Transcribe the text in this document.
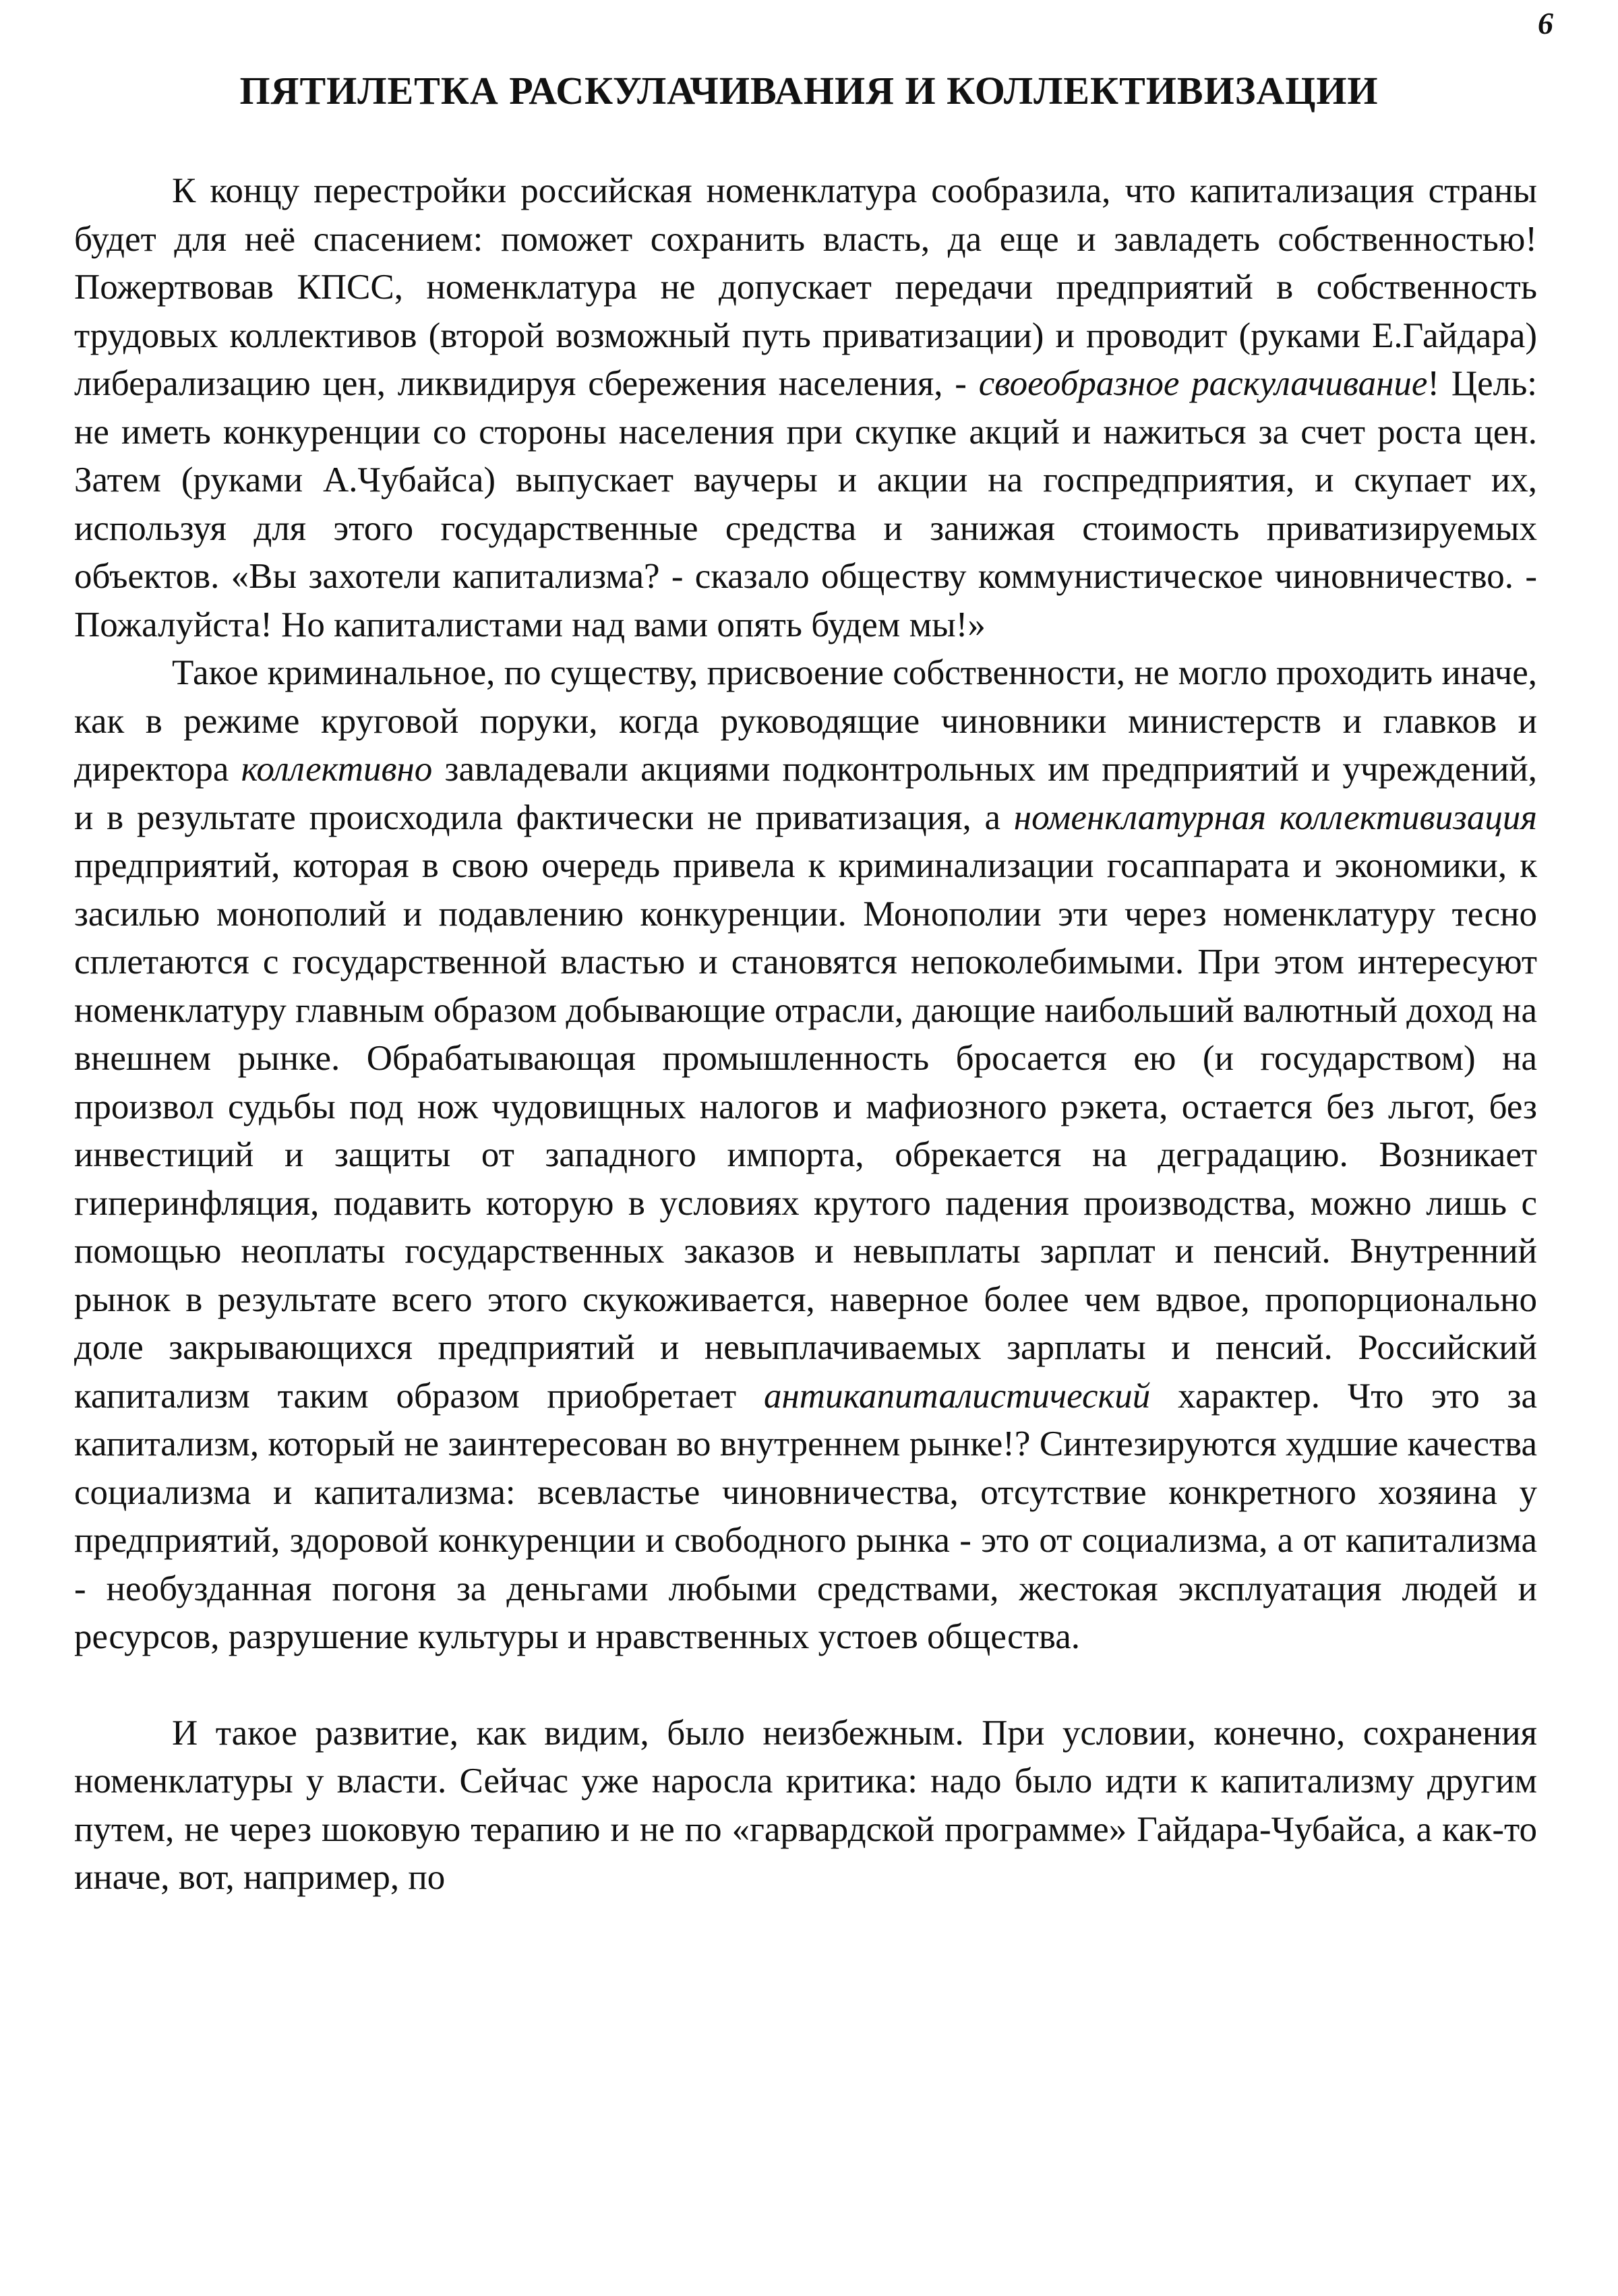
6
ПЯТИЛЕТКА РАСКУЛАЧИВАНИЯ И КОЛЛЕКТИВИЗАЦИИ

К концу перестройки российская номенклатура сообразила, что капитализация страны будет для неё спасением: поможет сохранить власть, да еще и завладеть собственностью! Пожертвовав КПСС, номенклатура не допускает передачи предприятий в собственность трудовых коллективов (второй возможный путь приватизации) и проводит (руками Е.Гайдара) либерализацию цен, ликвидируя сбережения населения, - своеобразное раскулачивание! Цель: не иметь конкуренции со стороны населения при скупке акций и нажиться за счет роста цен. Затем (руками А.Чубайса) выпускает ваучеры и акции на госпредприятия, и скупает их, используя для этого государственные средства и занижая стоимость приватизируемых объектов. «Вы захотели капитализма? - сказало обществу коммунистическое чиновничество. - Пожалуйста! Но капиталистами над вами опять будем мы!»

Такое криминальное, по существу, присвоение собственности, не могло проходить иначе, как в режиме круговой поруки, когда руководящие чиновники министерств и главков и директора коллективно завладевали акциями подконтрольных им предприятий и учреждений, и в результате происходила фактически не приватизация, а номенклатурная коллективизация предприятий, которая в свою очередь привела к криминализации госаппарата и экономики, к засилью монополий и подавлению конкуренции. Монополии эти через номенклатуру тесно сплетаются с государственной властью и становятся непоколебимыми. При этом интересуют номенклатуру главным образом добывающие отрасли, дающие наибольший валютный доход на внешнем рынке. Обрабатывающая промышленность бросается ею (и государством) на произвол судьбы под нож чудовищных налогов и мафиозного рэкета, остается без льгот, без инвестиций и защиты от западного импорта, обрекается на деградацию. Возникает гиперинфляция, подавить которую в условиях крутого падения производства, можно лишь с помощью неоплаты государственных заказов и невыплаты зарплат и пенсий. Внутренний рынок в результате всего этого скукоживается, наверное более чем вдвое, пропорционально доле закрывающихся предприятий и невыплачиваемых зарплаты и пенсий. Российский капитализм таким образом приобретает антикапиталистический характер. Что это за капитализм, который не заинтересован во внутреннем рынке!? Синтезируются худшие качества социализма и капитализма: всевластье чиновничества, отсутствие конкретного хозяина у предприятий, здоровой конкуренции и свободного рынка - это от социализма, а от капитализма - необузданная погоня за деньгами любыми средствами, жестокая эксплуатация людей и ресурсов, разрушение культуры и нравственных устоев общества.

И такое развитие, как видим, было неизбежным. При условии, конечно, сохранения номенклатуры у власти. Сейчас уже наросла критика: надо было идти к капитализму другим путем, не через шоковую терапию и не по «гарвардской программе» Гайдара-Чубайса, а как-то иначе, вот, например, по
